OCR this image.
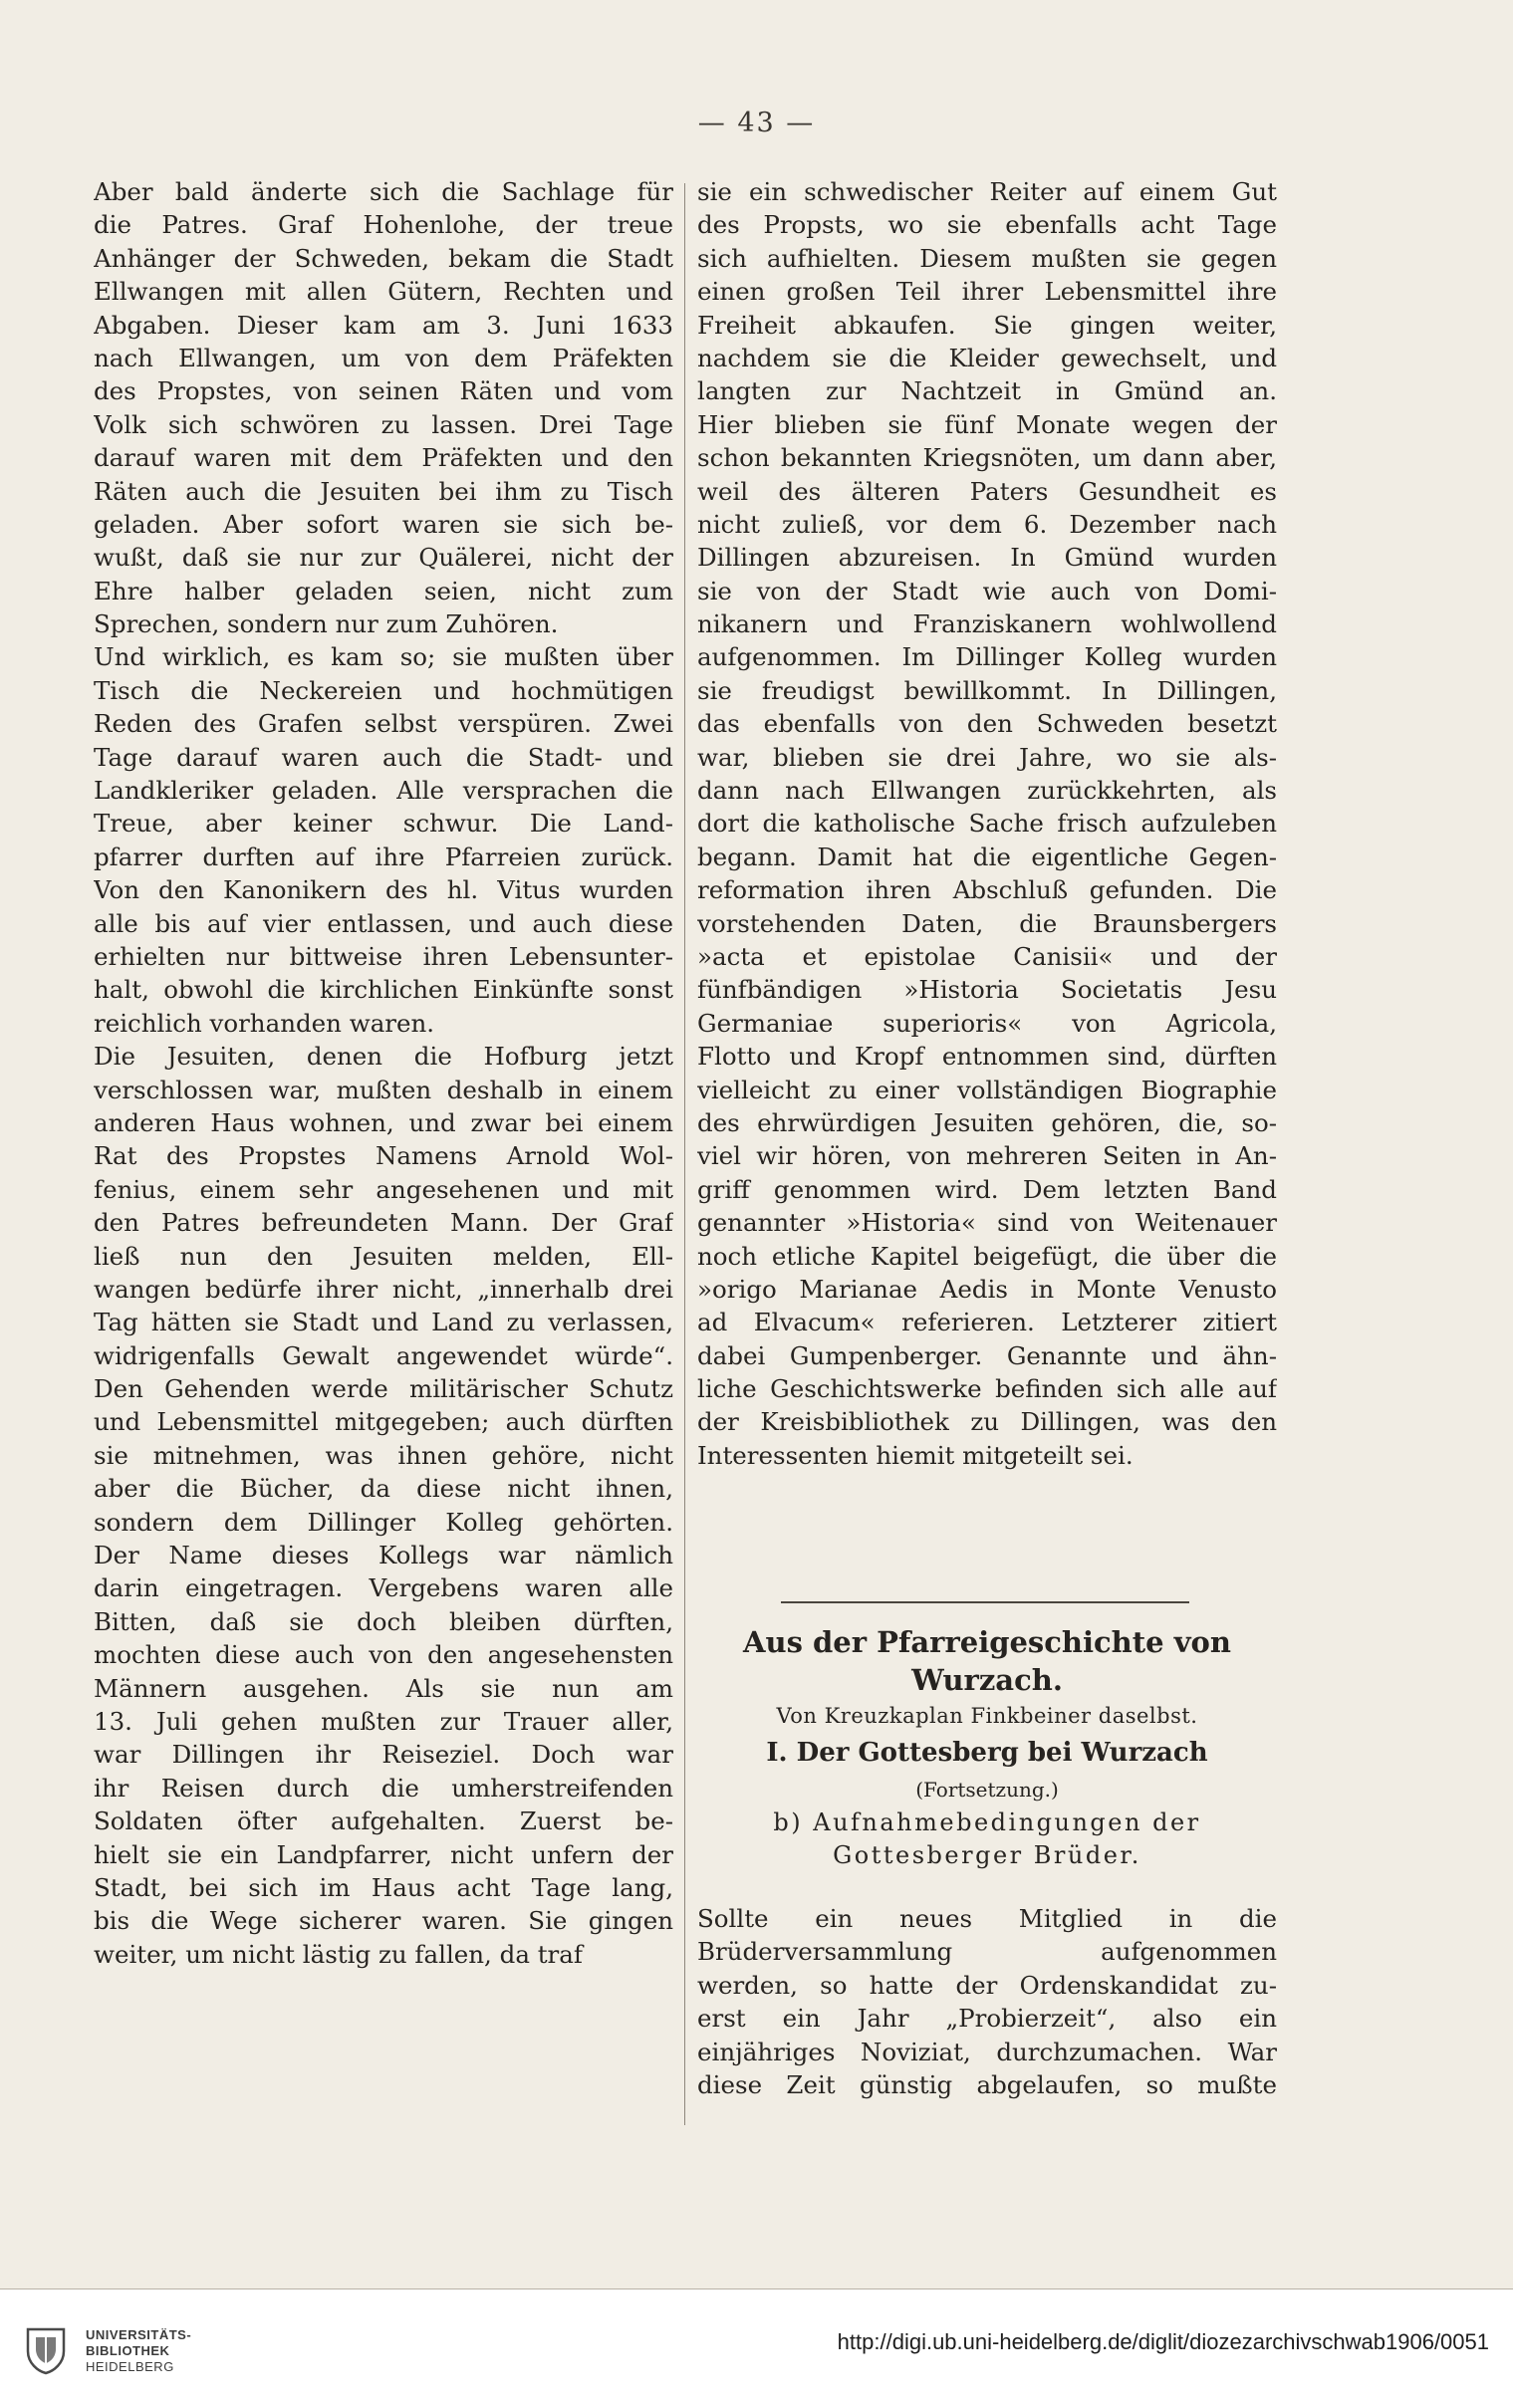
— 43 —
Aber bald änderte sich die Sachlage für
die Patres. Graf Hohenlohe, der treue
Anhänger der Schweden, bekam die Stadt
Ellwangen mit allen Gütern, Rechten und
Abgaben. Dieser kam am 3. Juni 1633
nach Ellwangen, um von dem Präfekten
des Propstes, von seinen Räten und vom
Volk sich schwören zu lassen. Drei Tage
darauf waren mit dem Präfekten und den
Räten auch die Jesuiten bei ihm zu Tisch
geladen. Aber sofort waren sie sich be-
wußt, daß sie nur zur Quälerei, nicht der
Ehre halber geladen seien, nicht zum
Sprechen, sondern nur zum Zuhören.
Und wirklich, es kam so; sie mußten über
Tisch die Neckereien und hochmütigen
Reden des Grafen selbst verspüren. Zwei
Tage darauf waren auch die Stadt- und
Landkleriker geladen. Alle versprachen die
Treue, aber keiner schwur. Die Land-
pfarrer durften auf ihre Pfarreien zurück.
Von den Kanonikern des hl. Vitus wurden
alle bis auf vier entlassen, und auch diese
erhielten nur bittweise ihren Lebensunter-
halt, obwohl die kirchlichen Einkünfte sonst
reichlich vorhanden waren.
Die Jesuiten, denen die Hofburg jetzt
verschlossen war, mußten deshalb in einem
anderen Haus wohnen, und zwar bei einem
Rat des Propstes Namens Arnold Wol-
fenius, einem sehr angesehenen und mit
den Patres befreundeten Mann. Der Graf
ließ nun den Jesuiten melden, Ell-
wangen bedürfe ihrer nicht, „innerhalb drei
Tag hätten sie Stadt und Land zu verlassen,
widrigenfalls Gewalt angewendet würde“.
Den Gehenden werde militärischer Schutz
und Lebensmittel mitgegeben; auch dürften
sie mitnehmen, was ihnen gehöre, nicht
aber die Bücher, da diese nicht ihnen,
sondern dem Dillinger Kolleg gehörten.
Der Name dieses Kollegs war nämlich
darin eingetragen. Vergebens waren alle
Bitten, daß sie doch bleiben dürften,
mochten diese auch von den angesehensten
Männern ausgehen. Als sie nun am
13. Juli gehen mußten zur Trauer aller,
war Dillingen ihr Reiseziel. Doch war
ihr Reisen durch die umherstreifenden
Soldaten öfter aufgehalten. Zuerst be-
hielt sie ein Landpfarrer, nicht unfern der
Stadt, bei sich im Haus acht Tage lang,
bis die Wege sicherer waren. Sie gingen
weiter, um nicht lästig zu fallen, da traf
sie ein schwedischer Reiter auf einem Gut
des Propsts, wo sie ebenfalls acht Tage
sich aufhielten. Diesem mußten sie gegen
einen großen Teil ihrer Lebensmittel ihre
Freiheit abkaufen. Sie gingen weiter,
nachdem sie die Kleider gewechselt, und
langten zur Nachtzeit in Gmünd an.
Hier blieben sie fünf Monate wegen der
schon bekannten Kriegsnöten, um dann aber,
weil des älteren Paters Gesundheit es
nicht zuließ, vor dem 6. Dezember nach
Dillingen abzureisen. In Gmünd wurden
sie von der Stadt wie auch von Domi-
nikanern und Franziskanern wohlwollend
aufgenommen. Im Dillinger Kolleg wurden
sie freudigst bewillkommt. In Dillingen,
das ebenfalls von den Schweden besetzt
war, blieben sie drei Jahre, wo sie als-
dann nach Ellwangen zurückkehrten, als
dort die katholische Sache frisch aufzuleben
begann. Damit hat die eigentliche Gegen-
reformation ihren Abschluß gefunden. Die
vorstehenden Daten, die Braunsbergers
»acta et epistolae Canisii« und der
fünfbändigen »Historia Societatis Jesu
Germaniae superioris« von Agricola,
Flotto und Kropf entnommen sind, dürften
vielleicht zu einer vollständigen Biographie
des ehrwürdigen Jesuiten gehören, die, so-
viel wir hören, von mehreren Seiten in An-
griff genommen wird. Dem letzten Band
genannter »Historia« sind von Weitenauer
noch etliche Kapitel beigefügt, die über die
»origo Marianae Aedis in Monte Venusto
ad Elvacum« referieren. Letzterer zitiert
dabei Gumpenberger. Genannte und ähn-
liche Geschichtswerke befinden sich alle auf
der Kreisbibliothek zu Dillingen, was den
Interessenten hiemit mitgeteilt sei.
Aus der Pfarreigeschichte von
Wurzach.
Von Kreuzkaplan Finkbeiner daselbst.
I. Der Gottesberg bei Wurzach
(Fortsetzung.)
b) Aufnahmebedingungen der
Gottesberger Brüder.
Sollte ein neues Mitglied in die
Brüderversammlung aufgenommen
werden, so hatte der Ordenskandidat zu-
erst ein Jahr „Probierzeit“, also ein
einjähriges Noviziat, durchzumachen. War
diese Zeit günstig abgelaufen, so mußte
UNIVERSITÄTS-
BIBLIOTHEK
HEIDELBERG
http://digi.ub.uni-heidelberg.de/diglit/diozezarchivschwab1906/0051
